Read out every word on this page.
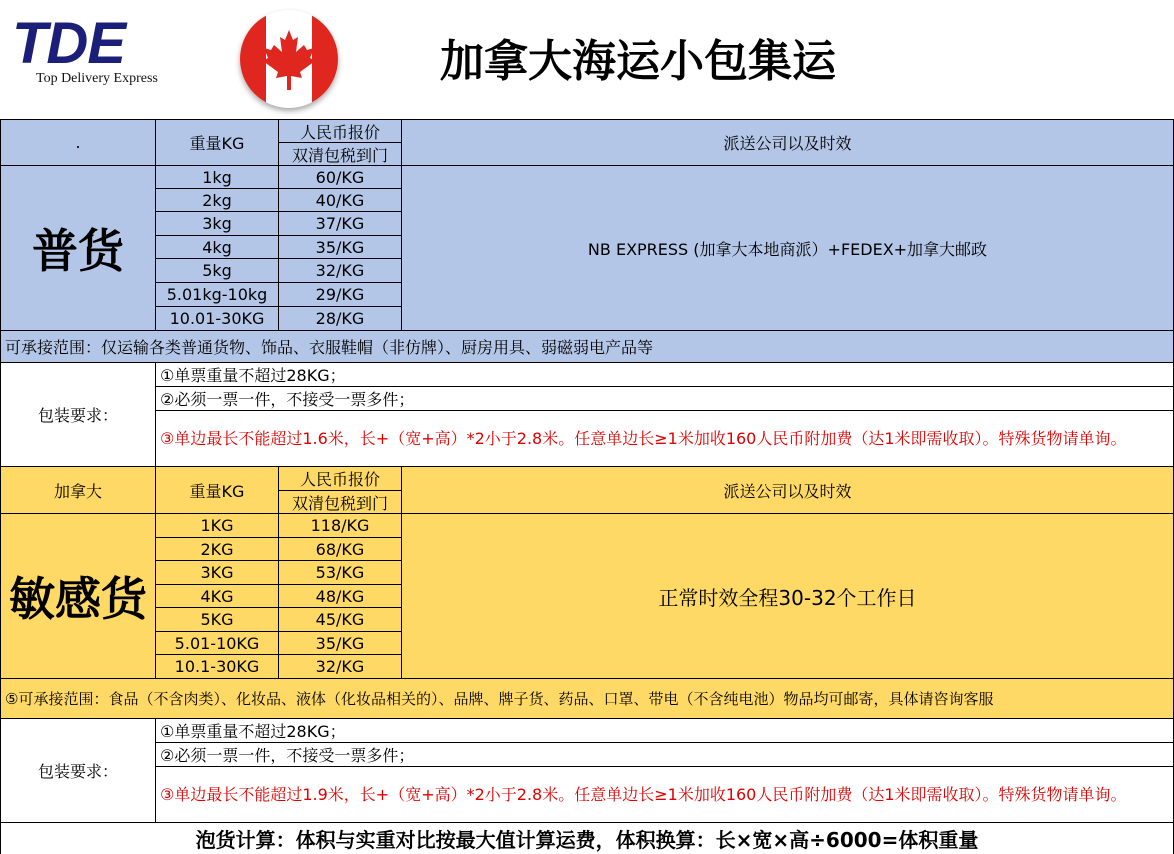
TDE
Top Delivery Express	加拿大海运小包集运
.	重量KG
人民币报价
双清包税到门
派送公司以及时效
普货
1kg	60/KG
2kg	40/KG
3kg	37/KG
4kg	35/KG
5kg	32/KG
5.01kg-10kg	29/KG
10.01-30KG	28/KG
NB EXPRESS (加拿大本地商派）+FEDEX+加拿大邮政
可承接范围：仅运输各类普通货物、饰品、衣服鞋帽（非仿牌）、厨房用具、弱磁弱电产品等
包装要求：
①单票重量不超过28KG；
②必须一票一件，不接受一票多件；
③单边最长不能超过1.6米，长+（宽+高）*2小于2.8米。任意单边长≥1米加收160人民币附加费（达1米即需收取）。特殊货物请单询。
加拿大	重量KG
人民币报价
双清包税到门
派送公司以及时效
敏感货
1KG	118/KG
2KG	68/KG
3KG	53/KG
4KG	48/KG
5KG	45/KG
5.01-10KG	35/KG
10.1-30KG	32/KG
正常时效全程30-32个工作日
⑤可承接范围：食品（不含肉类）、化妆品、液体（化妆品相关的）、品牌、牌子货、药品、口罩、带电（不含纯电池）物品均可邮寄，具体请咨询客服
包装要求：
①单票重量不超过28KG；
②必须一票一件，不接受一票多件；
③单边最长不能超过1.9米，长+（宽+高）*2小于2.8米。任意单边长≥1米加收160人民币附加费（达1米即需收取）。特殊货物请单询。
泡货计算：体积与实重对比按最大值计算运费，体积换算：长×宽×高÷6000=体积重量
